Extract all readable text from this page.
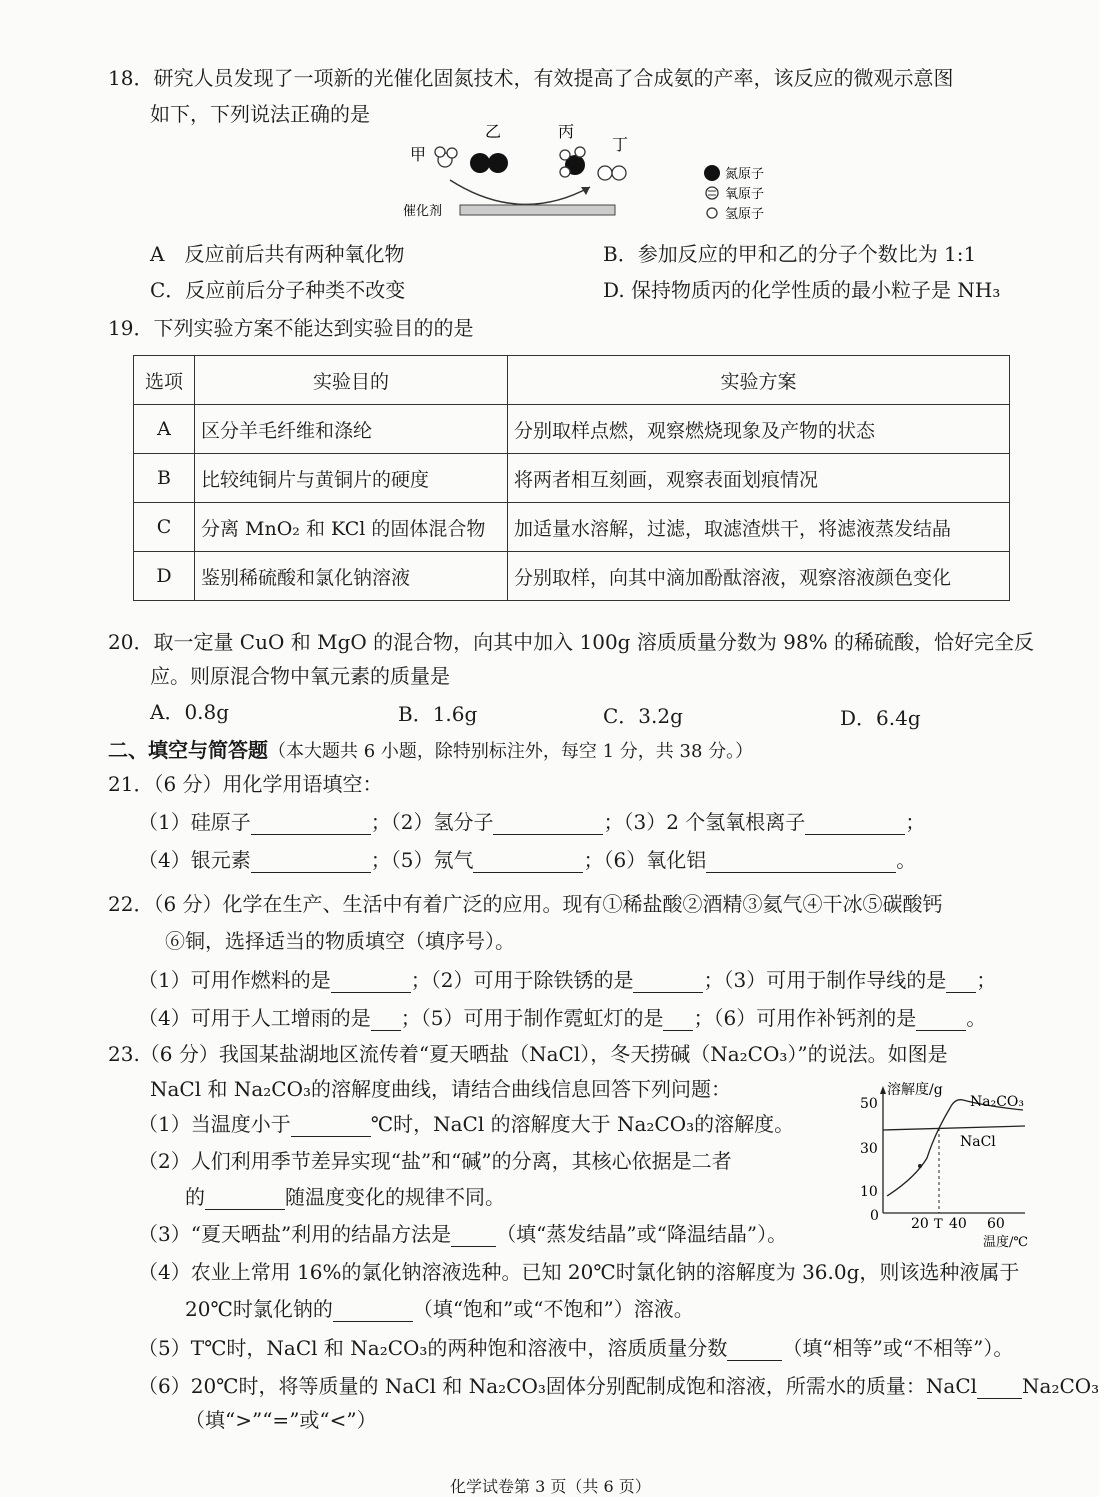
18．研究人员发现了一项新的光催化固氮技术，有效提高了合成氨的产率，该反应的微观示意图
如下，下列说法正确的是
甲
乙	丙
丁
催化剂
氮原子
氧原子
氢原子
A　反应前后共有两种氧化物	B．参加反应的甲和乙的分子个数比为 1:1
C．反应前后分子种类不改变	D. 保持物质丙的化学性质的最小粒子是 NH₃
19．下列实验方案不能达到实验目的的是
选项	实验目的	实验方案
A	区分羊毛纤维和涤纶	分别取样点燃，观察燃烧现象及产物的状态
B	比较纯铜片与黄铜片的硬度	将两者相互刻画，观察表面划痕情况
C	分离 MnO₂ 和 KCl 的固体混合物	加适量水溶解，过滤，取滤渣烘干，将滤液蒸发结晶
D	鉴别稀硫酸和氯化钠溶液	分别取样，向其中滴加酚酞溶液，观察溶液颜色变化
20．取一定量 CuO 和 MgO 的混合物，向其中加入 100g 溶质质量分数为 98% 的稀硫酸，恰好完全反
应。则原混合物中氧元素的质量是
A．0.8g	B．1.6g	C．3.2g	D．6.4g
二、填空与简答题（本大题共 6 小题，除特别标注外，每空 1 分，共 38 分。）
21．（6 分）用化学用语填空：
（1）硅原子	；（2）氢分子	；（3）2 个氢氧根离子	；
（4）银元素	；（5）氖气	；（6）氧化铝	。
22．（6 分）化学在生产、生活中有着广泛的应用。现有①稀盐酸②酒精③氦气④干冰⑤碳酸钙
⑥铜，选择适当的物质填空（填序号）。
（1）可用作燃料的是	；（2）可用于除铁锈的是	；（3）可用于制作导线的是 ；
（4）可用于人工增雨的是 ；（5）可用于制作霓虹灯的是 ；（6）可用作补钙剂的是	。
23.（6 分）我国某盐湖地区流传着“夏天晒盐（NaCl），冬天捞碱（Na₂CO₃）”的说法。如图是
NaCl 和 Na₂CO₃的溶解度曲线，请结合曲线信息回答下列问题：
（1）当温度小于	℃时，NaCl 的溶解度大于 Na₂CO₃的溶解度。
（2）人们利用季节差异实现“盐”和“碱”的分离，其核心依据是二者
的	随温度变化的规律不同。
（3）“夏天晒盐”利用的结晶方法是 （填“蒸发结晶”或“降温结晶”）。
（4）农业上常用 16%的氯化钠溶液选种。已知 20℃时氯化钠的溶解度为 36.0g，则该选种液属于
20℃时氯化钠的	（填“饱和”或“不饱和”）溶液。
（5）T℃时，NaCl 和 Na₂CO₃的两种饱和溶液中，溶质质量分数	（填“相等”或“不相等”）。
（6）20℃时，将等质量的 NaCl 和 Na₂CO₃固体分别配制成饱和溶液，所需水的质量：NaCl Na₂CO₃
（填“>”“=”或“<”）
溶解度/g
温度/℃
50
30
10
0 20 T 40 60
Na₂CO₃
NaCl
化学试卷第 3 页（共 6 页）
